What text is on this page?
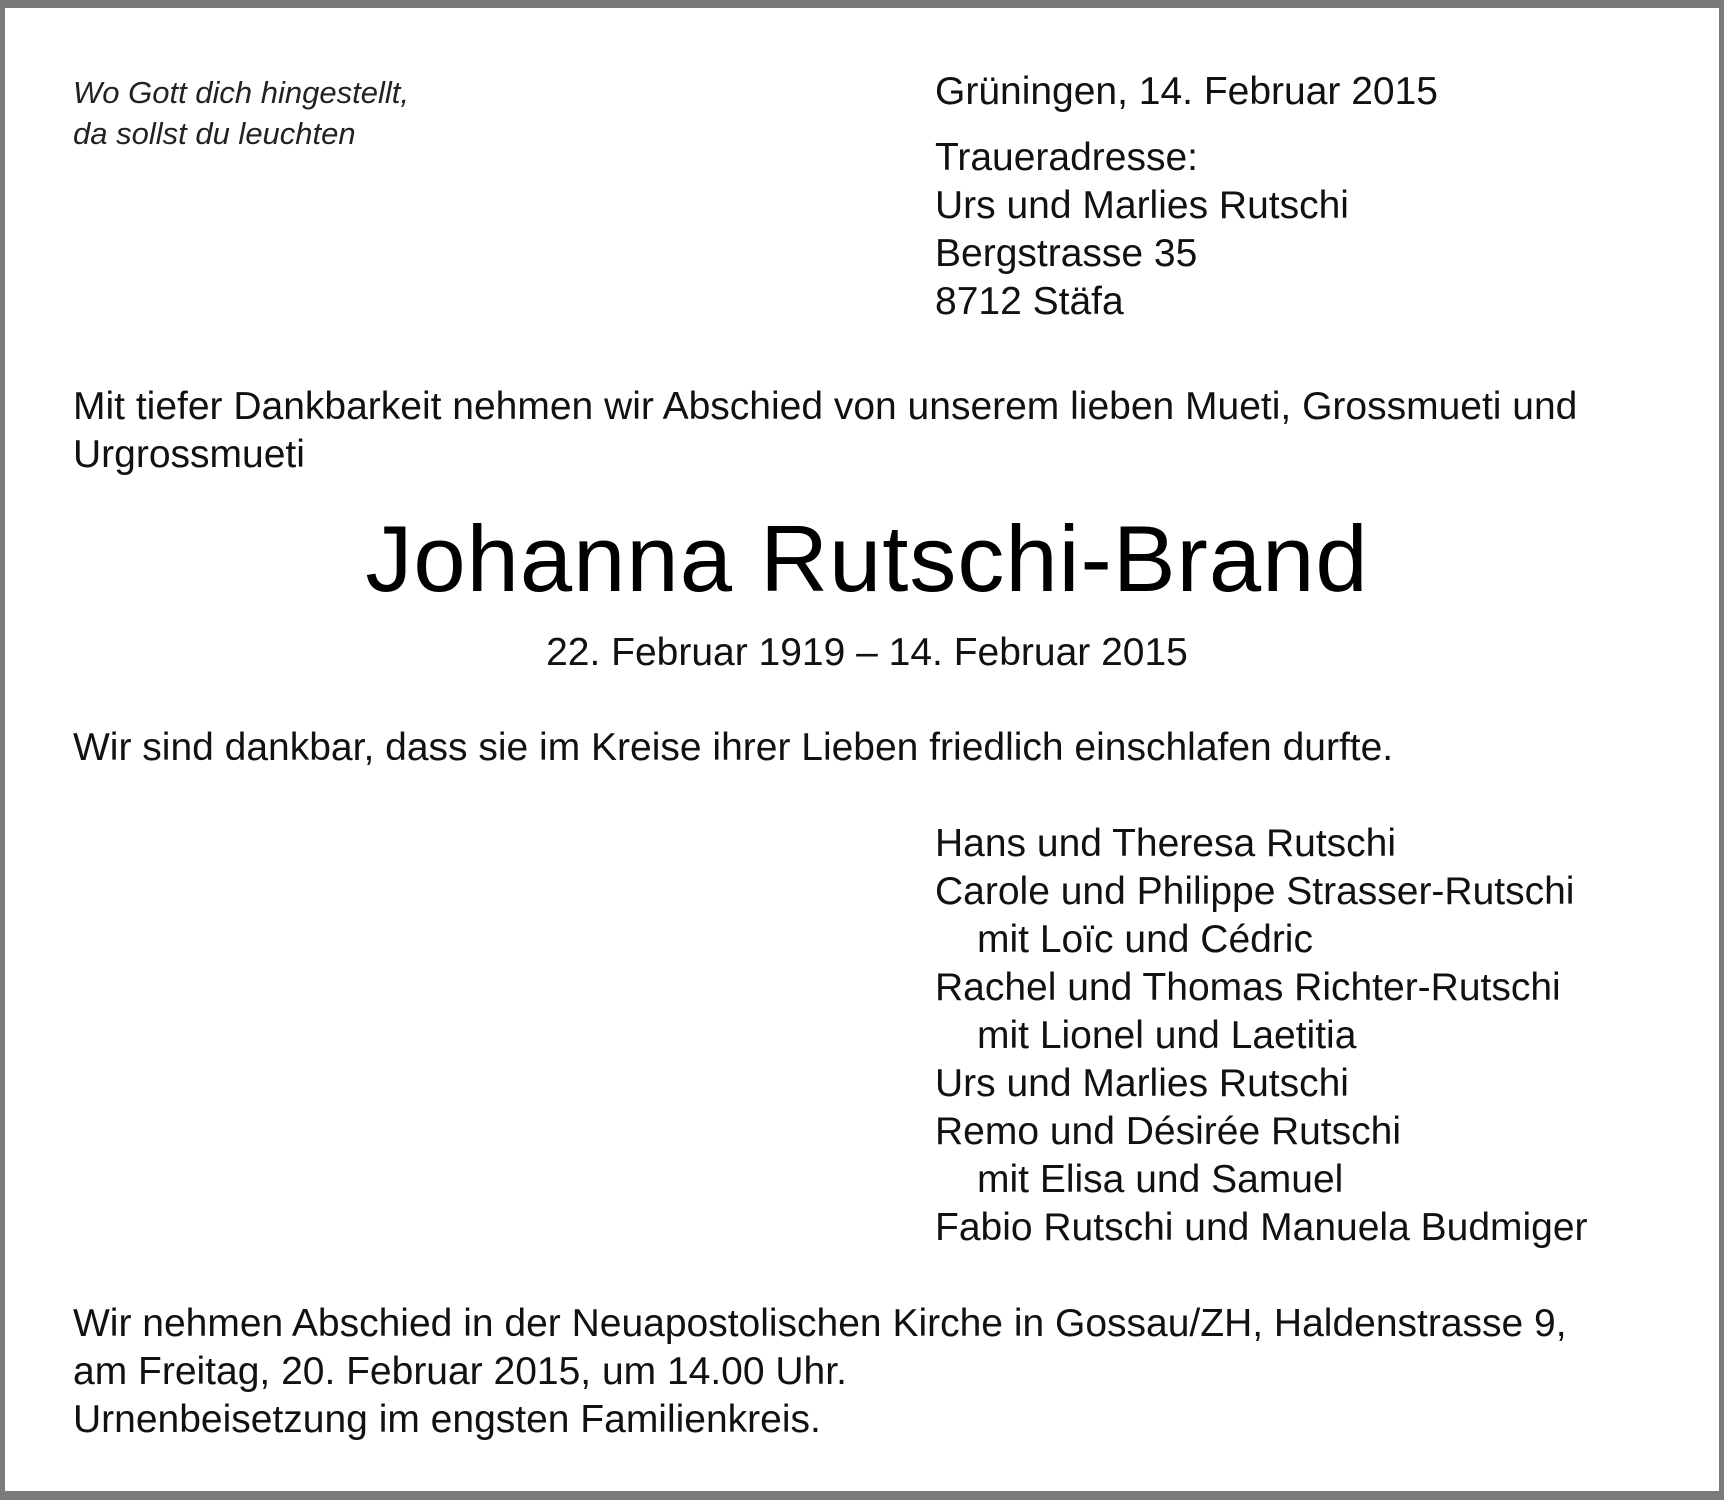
Wo Gott dich hingestellt,
da sollst du leuchten
Grüningen, 14. Februar 2015
Traueradresse:
Urs und Marlies Rutschi
Bergstrasse 35
8712 Stäfa
Mit tiefer Dankbarkeit nehmen wir Abschied von unserem lieben Mueti, Grossmueti und
Urgrossmueti
Johanna Rutschi-Brand
22. Februar 1919 – 14. Februar 2015
Wir sind dankbar, dass sie im Kreise ihrer Lieben friedlich einschlafen durfte.
Hans und Theresa Rutschi
Carole und Philippe Strasser-Rutschi
mit Loïc und Cédric
Rachel und Thomas Richter-Rutschi
mit Lionel und Laetitia
Urs und Marlies Rutschi
Remo und Désirée Rutschi
mit Elisa und Samuel
Fabio Rutschi und Manuela Budmiger
Wir nehmen Abschied in der Neuapostolischen Kirche in Gossau/ZH, Haldenstrasse 9,
am Freitag, 20. Februar 2015, um 14.00 Uhr.
Urnenbeisetzung im engsten Familienkreis.
